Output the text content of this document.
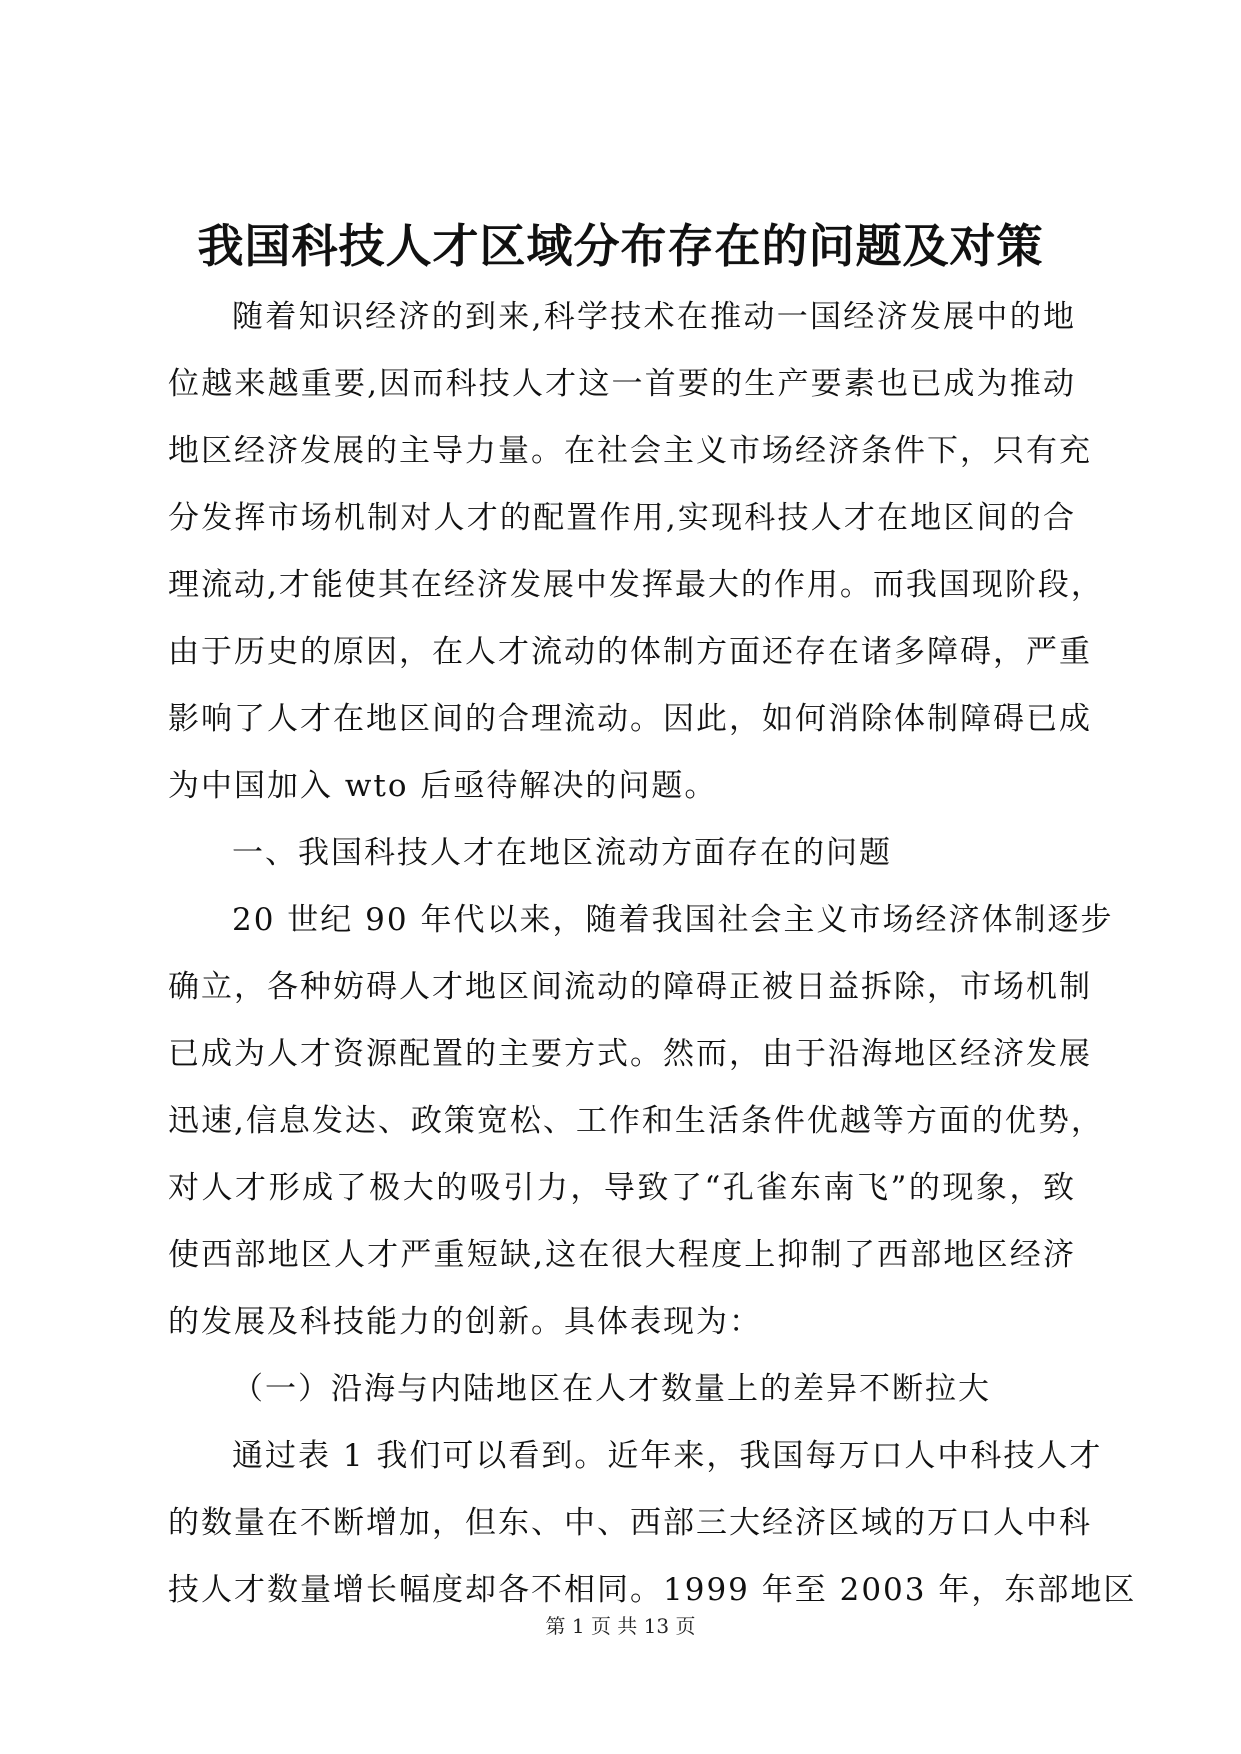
我国科技人才区域分布存在的问题及对策
随着知识经济的到来,科学技术在推动一国经济发展中的地
位越来越重要,因而科技人才这一首要的生产要素也已成为推动
地区经济发展的主导力量。在社会主义市场经济条件下，只有充
分发挥市场机制对人才的配置作用,实现科技人才在地区间的合
理流动,才能使其在经济发展中发挥最大的作用。而我国现阶段，
由于历史的原因，在人才流动的体制方面还存在诸多障碍，严重
影响了人才在地区间的合理流动。因此，如何消除体制障碍已成
为中国加入 wto 后亟待解决的问题。
一、我国科技人才在地区流动方面存在的问题
20 世纪 90 年代以来，随着我国社会主义市场经济体制逐步
确立，各种妨碍人才地区间流动的障碍正被日益拆除，市场机制
已成为人才资源配置的主要方式。然而，由于沿海地区经济发展
迅速,信息发达、政策宽松、工作和生活条件优越等方面的优势，
对人才形成了极大的吸引力，导致了“孔雀东南飞”的现象，致
使西部地区人才严重短缺,这在很大程度上抑制了西部地区经济
的发展及科技能力的创新。具体表现为：
（一）沿海与内陆地区在人才数量上的差异不断拉大
通过表 1 我们可以看到。近年来，我国每万口人中科技人才
的数量在不断增加，但东、中、西部三大经济区域的万口人中科
技人才数量增长幅度却各不相同。1999 年至 2003 年，东部地区
第 1 页 共 13 页
